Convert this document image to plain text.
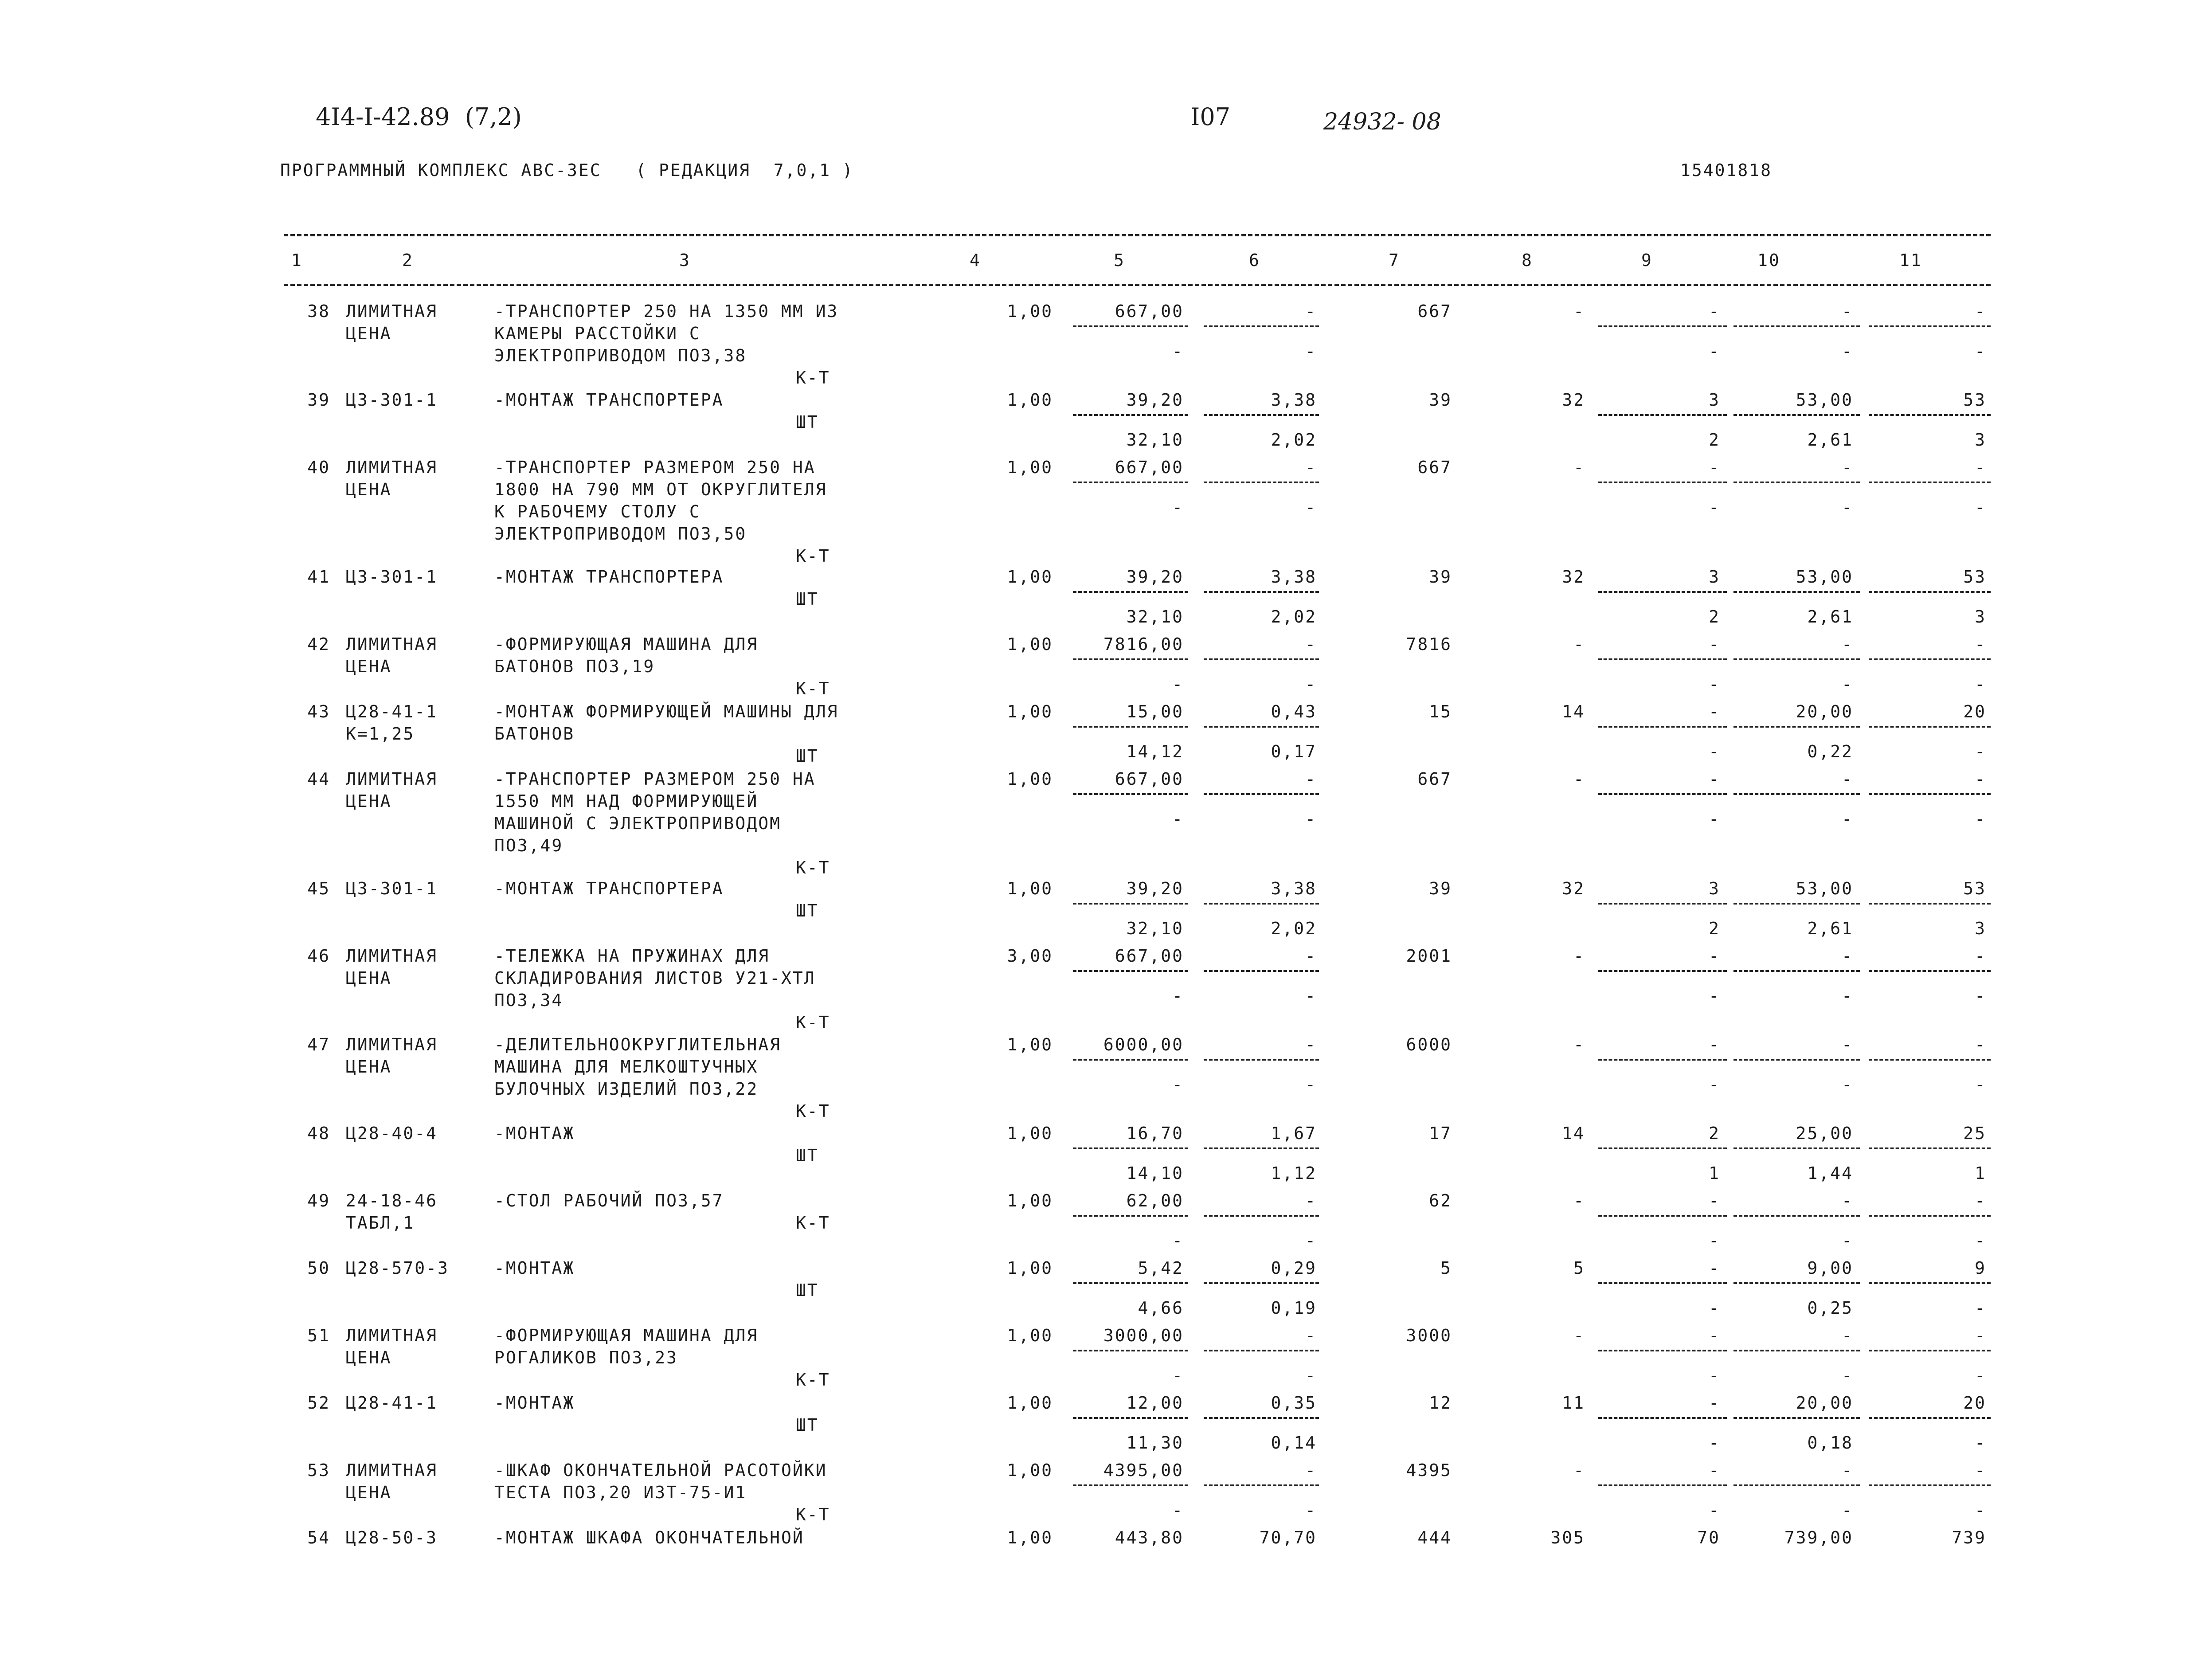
4I4-I-42.89  (7,2)	I07	24932- 08
ПРОГРАММНЫЙ КОМПЛЕКС АВС-3ЕС   ( РЕДАКЦИЯ  7,0,1 )	15401818
1	2	3	4	5	6	7	8	9	10	11
38 ЛИМИТНАЯ
ЦЕНА
-ТРАНСПОРТЕР 250 НА 1350 ММ ИЗ
КАМЕРЫ РАССТОЙКИ С
ЭЛЕКТРОПРИВОДОМ ПОЗ,38
К-Т
1,00	667,00	-	667	-	-	-	-
-	-	-	-	-
39 Ц3-301-1	-МОНТАЖ ТРАНСПОРТЕРА
ШТ
1,00	39,20	3,38	39	32	3	53,00	53
32,10	2,02	2	2,61	3
40 ЛИМИТНАЯ
ЦЕНА
-ТРАНСПОРТЕР РАЗМЕРОМ 250 НА
1800 НА 790 ММ ОТ ОКРУГЛИТЕЛЯ
К РАБОЧЕМУ СТОЛУ С
ЭЛЕКТРОПРИВОДОМ ПОЗ,50
К-Т
1,00	667,00	-	667	-	-	-	-
-	-	-	-	-
41 Ц3-301-1	-МОНТАЖ ТРАНСПОРТЕРА
ШТ
1,00	39,20	3,38	39	32	3	53,00	53
32,10	2,02	2	2,61	3
42 ЛИМИТНАЯ
ЦЕНА
-ФОРМИРУЮЩАЯ МАШИНА ДЛЯ
БАТОНОВ ПОЗ,19
К-Т
1,00	7816,00	-	7816	-	-	-	-
-	-	-	-	-
43 Ц28-41-1
К=1,25
-МОНТАЖ ФОРМИРУЮЩЕЙ МАШИНЫ ДЛЯ
БАТОНОВ
ШТ
1,00	15,00	0,43	15	14	-	20,00	20
14,12	0,17	-	0,22	-
44 ЛИМИТНАЯ
ЦЕНА
-ТРАНСПОРТЕР РАЗМЕРОМ 250 НА
1550 ММ НАД ФОРМИРУЮЩЕЙ
МАШИНОЙ С ЭЛЕКТРОПРИВОДОМ
ПОЗ,49
К-Т
1,00	667,00	-	667	-	-	-	-
-	-	-	-	-
45 Ц3-301-1	-МОНТАЖ ТРАНСПОРТЕРА
ШТ
1,00	39,20	3,38	39	32	3	53,00	53
32,10	2,02	2	2,61	3
46 ЛИМИТНАЯ
ЦЕНА
-ТЕЛЕЖКА НА ПРУЖИНАХ ДЛЯ
СКЛАДИРОВАНИЯ ЛИСТОВ У21-ХТЛ
ПОЗ,34
К-Т
3,00	667,00	-	2001	-	-	-	-
-	-	-	-	-
47 ЛИМИТНАЯ
ЦЕНА
-ДЕЛИТЕЛЬНООКРУГЛИТЕЛЬНАЯ
МАШИНА ДЛЯ МЕЛКОШТУЧНЫХ
БУЛОЧНЫХ ИЗДЕЛИЙ ПОЗ,22
К-Т
1,00	6000,00	-	6000	-	-	-	-
-	-	-	-	-
48 Ц28-40-4	-МОНТАЖ
ШТ
1,00	16,70	1,67	17	14	2	25,00	25
14,10	1,12	1	1,44	1
49 24-18-46
ТАБЛ,1
-СТОЛ РАБОЧИЙ ПОЗ,57
К-Т
1,00	62,00	-	62	-	-	-	-
-	-	-	-	-
50 Ц28-570-3	-МОНТАЖ
ШТ
1,00	5,42	0,29	5	5	-	9,00	9
4,66	0,19	-	0,25	-
51 ЛИМИТНАЯ
ЦЕНА
-ФОРМИРУЮЩАЯ МАШИНА ДЛЯ
РОГАЛИКОВ ПОЗ,23
К-Т
1,00	3000,00	-	3000	-	-	-	-
-	-	-	-	-
52 Ц28-41-1	-МОНТАЖ
ШТ
1,00	12,00	0,35	12	11	-	20,00	20
11,30	0,14	-	0,18	-
53 ЛИМИТНАЯ
ЦЕНА
-ШКАФ ОКОНЧАТЕЛЬНОЙ РАСОТОЙКИ
ТЕСТА ПОЗ,20 ИЗТ-75-И1
К-Т
1,00	4395,00	-	4395	-	-	-	-
-	-	-	-	-
54 Ц28-50-3	-МОНТАЖ ШКАФА ОКОНЧАТЕЛЬНОЙ	1,00	443,80	70,70	444	305	70	739,00	739
